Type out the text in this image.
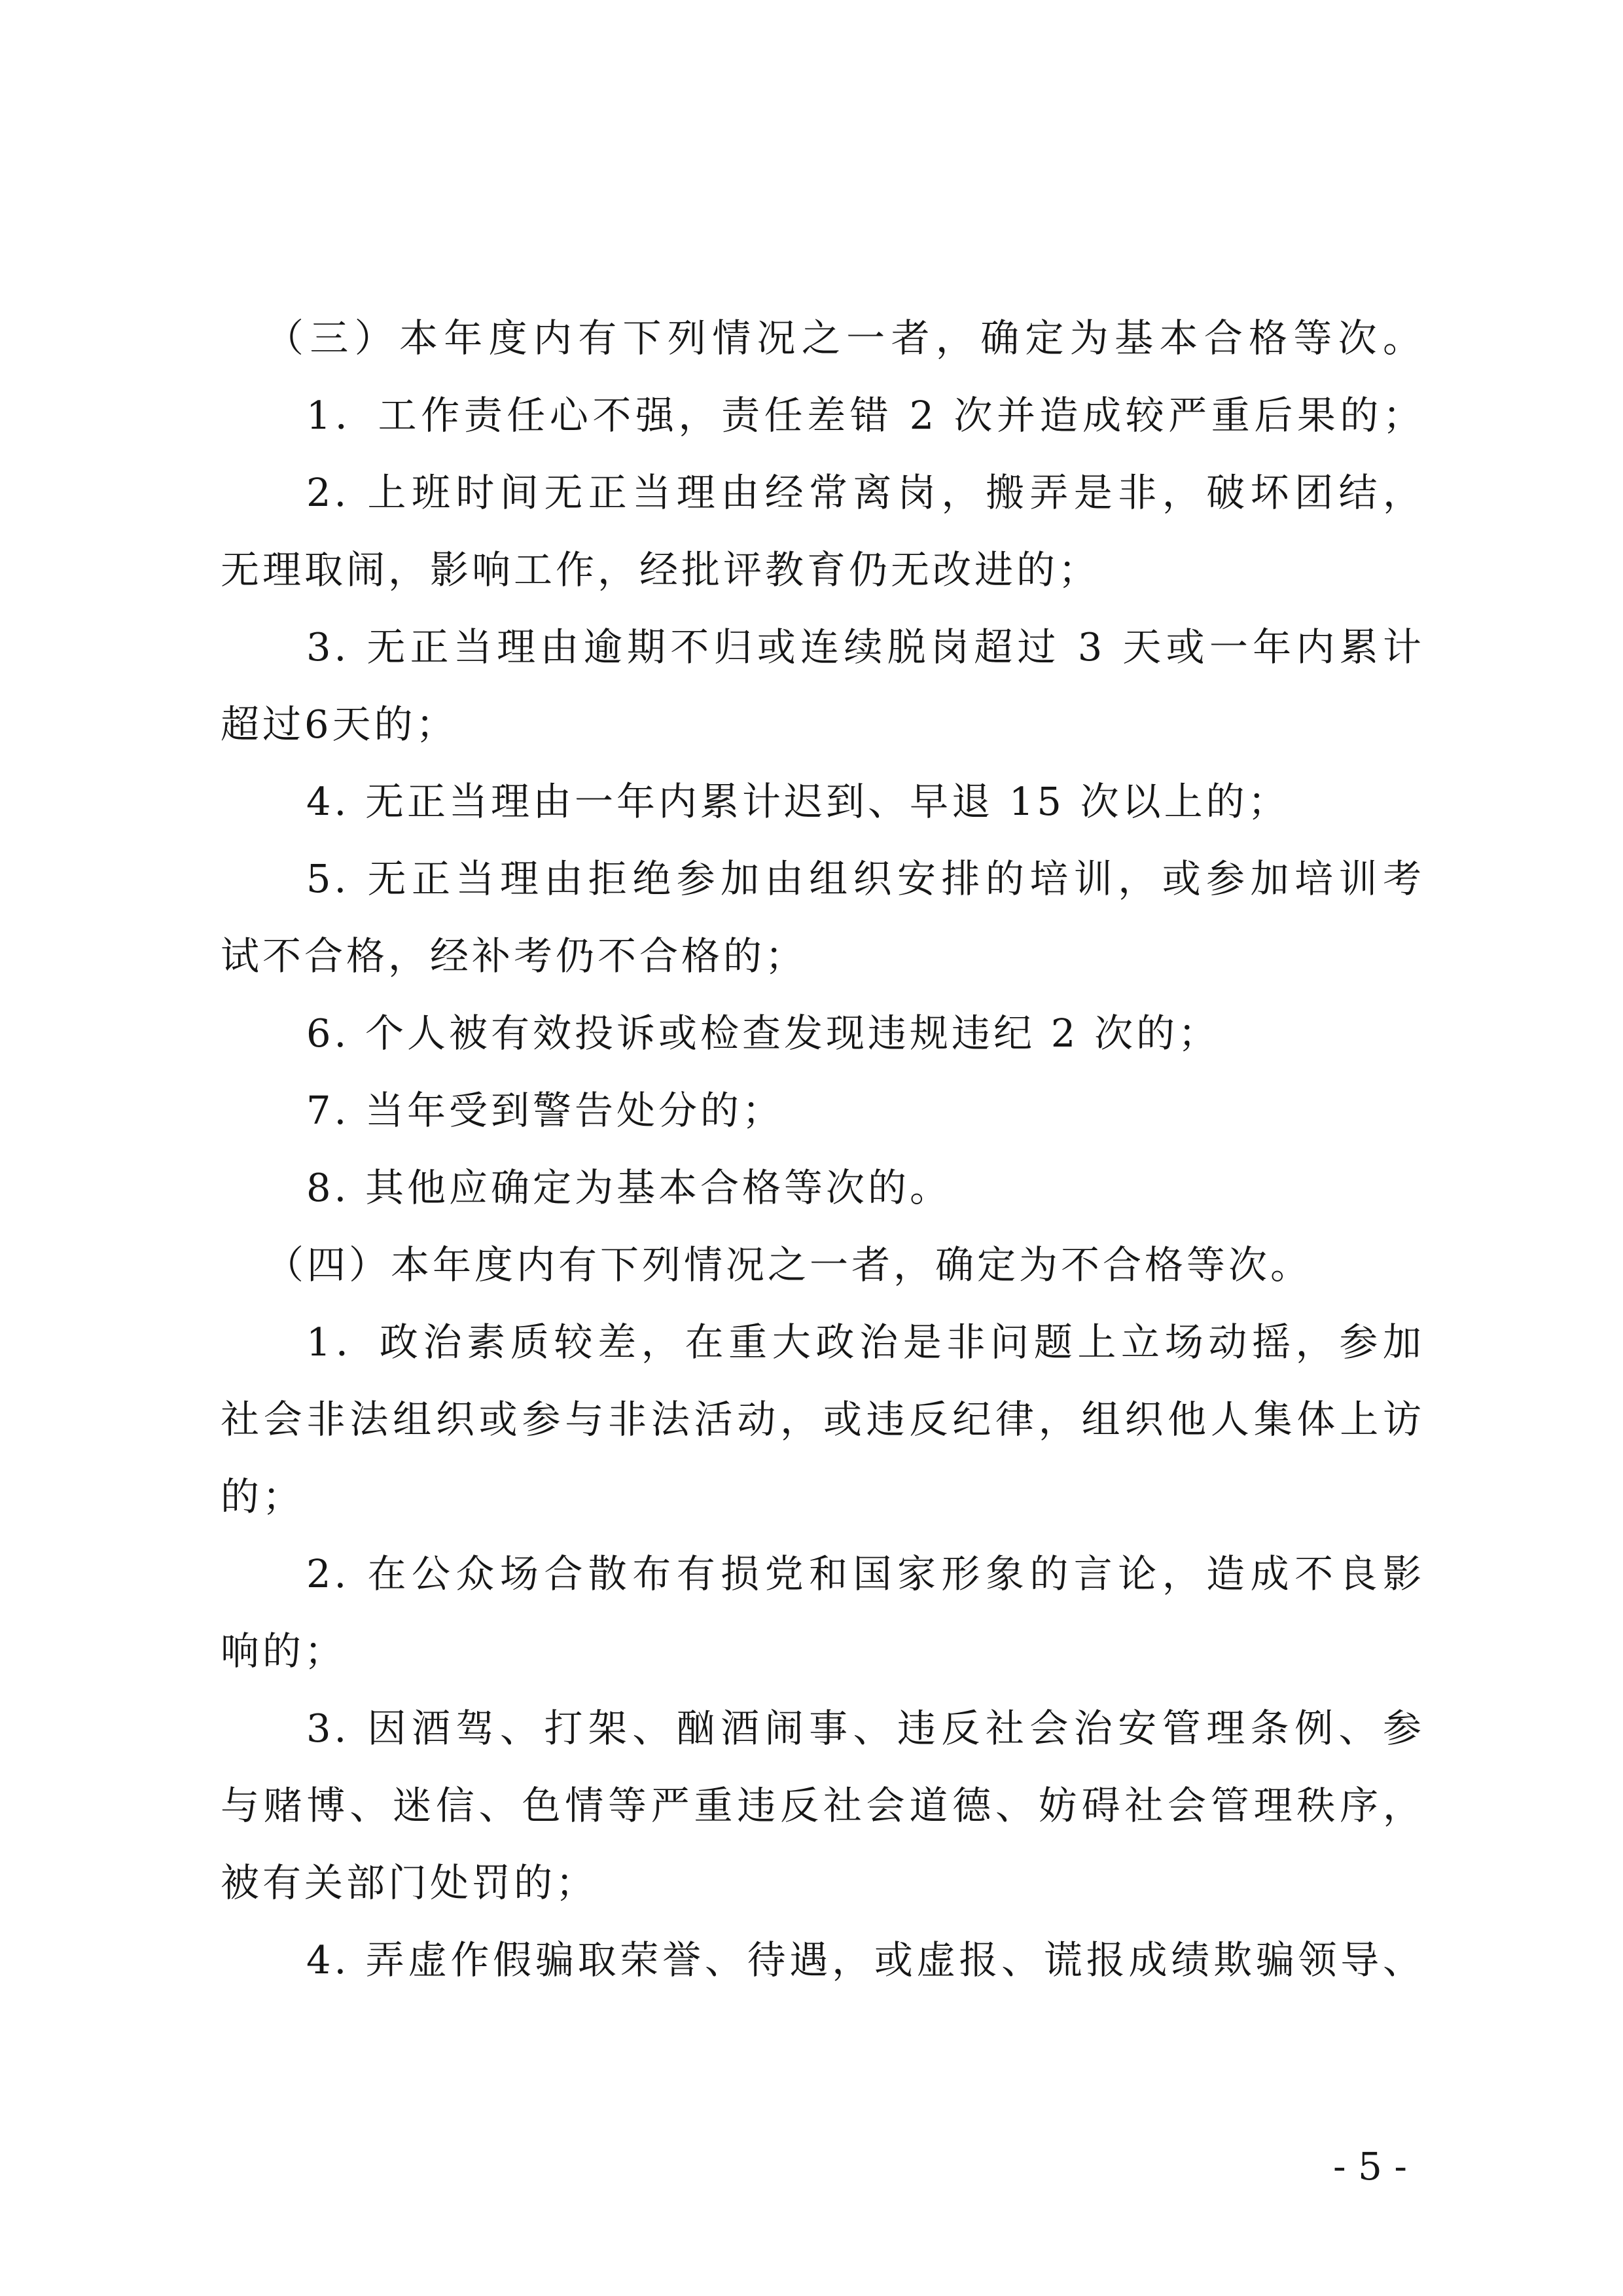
（三）本年度内有下列情况之一者，确定为基本合格等次。
1．工作责任心不强，责任差错 2 次并造成较严重后果的；
2. 上班时间无正当理由经常离岗，搬弄是非，破坏团结，
无理取闹，影响工作，经批评教育仍无改进的；
3. 无正当理由逾期不归或连续脱岗超过 3 天或一年内累计
超过6天的；
4. 无正当理由一年内累计迟到、早退 15 次以上的；
5. 无正当理由拒绝参加由组织安排的培训，或参加培训考
试不合格，经补考仍不合格的；
6. 个人被有效投诉或检查发现违规违纪 2 次的；
7. 当年受到警告处分的；
8. 其他应确定为基本合格等次的。
（四）本年度内有下列情况之一者，确定为不合格等次。
1．政治素质较差，在重大政治是非问题上立场动摇，参加
社会非法组织或参与非法活动，或违反纪律，组织他人集体上访
的；
2. 在公众场合散布有损党和国家形象的言论，造成不良影
响的；
3. 因酒驾、打架、酗酒闹事、违反社会治安管理条例、参
与赌博、迷信、色情等严重违反社会道德、妨碍社会管理秩序，
被有关部门处罚的；
4. 弄虚作假骗取荣誉、待遇，或虚报、谎报成绩欺骗领导、
- 5 -
